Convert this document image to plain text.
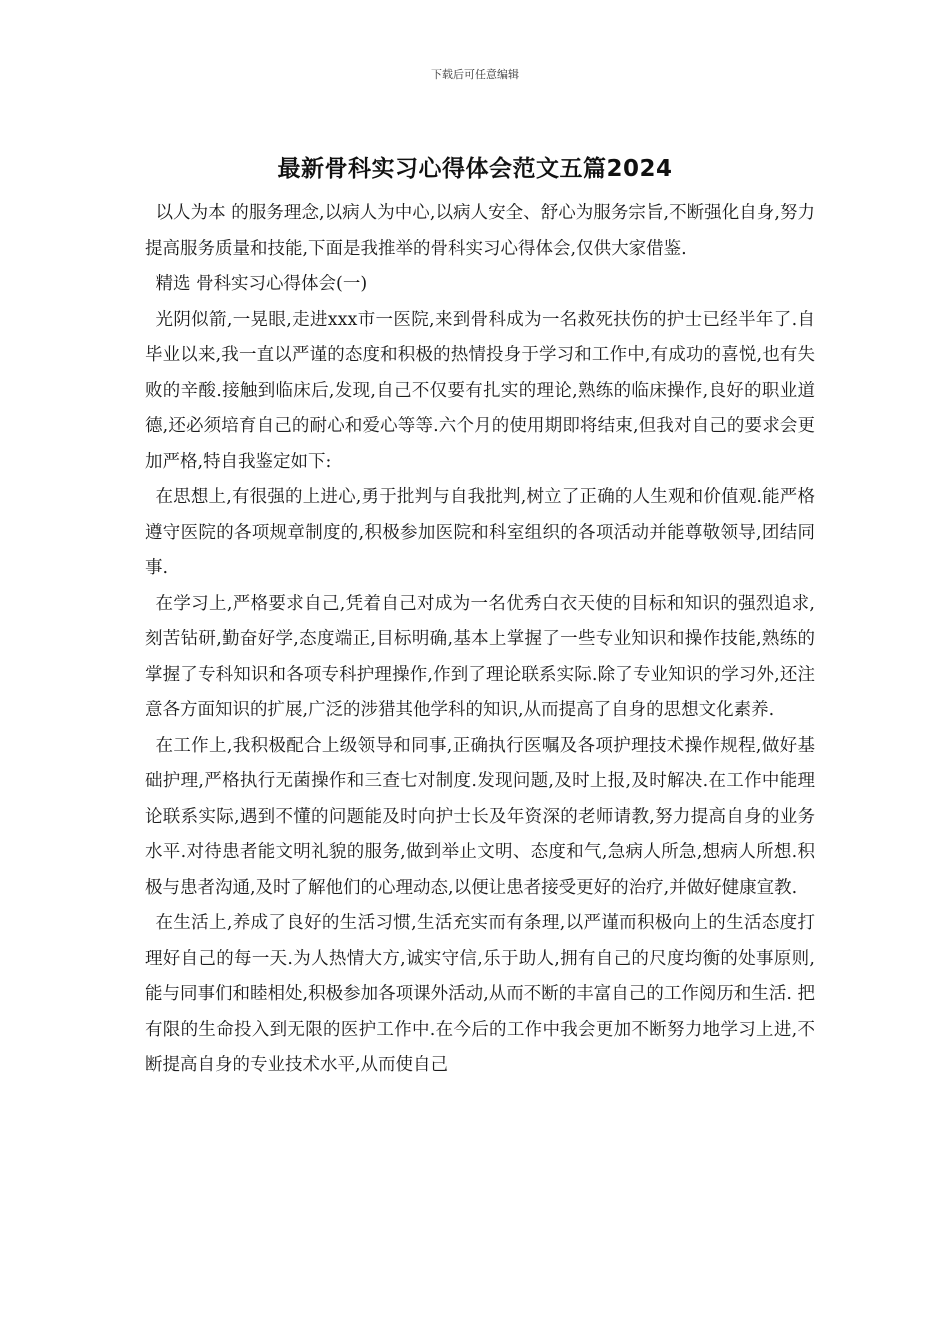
下载后可任意编辑
最新骨科实习心得体会范文五篇2024

以人为本 的服务理念,以病人为中心,以病人安全、舒心为服务宗旨,不断强化自身,努力提高服务质量和技能,下面是我推举的骨科实习心得体会,仅供大家借鉴.

精选 骨科实习心得体会(一)

光阴似箭,一晃眼,走进xxx市一医院,来到骨科成为一名救死扶伤的护士已经半年了.自毕业以来,我一直以严谨的态度和积极的热情投身于学习和工作中,有成功的喜悦,也有失败的辛酸.接触到临床后,发现,自己不仅要有扎实的理论,熟练的临床操作,良好的职业道德,还必须培育自己的耐心和爱心等等.六个月的使用期即将结束,但我对自己的要求会更加严格,特自我鉴定如下:

在思想上,有很强的上进心,勇于批判与自我批判,树立了正确的人生观和价值观.能严格遵守医院的各项规章制度的,积极参加医院和科室组织的各项活动并能尊敬领导,团结同事.

在学习上,严格要求自己,凭着自己对成为一名优秀白衣天使的目标和知识的强烈追求,刻苦钻研,勤奋好学,态度端正,目标明确,基本上掌握了一些专业知识和操作技能,熟练的掌握了专科知识和各项专科护理操作,作到了理论联系实际.除了专业知识的学习外,还注意各方面知识的扩展,广泛的涉猎其他学科的知识,从而提高了自身的思想文化素养.

在工作上,我积极配合上级领导和同事,正确执行医嘱及各项护理技术操作规程,做好基础护理,严格执行无菌操作和三查七对制度.发现问题,及时上报,及时解决.在工作中能理论联系实际,遇到不懂的问题能及时向护士长及年资深的老师请教,努力提高自身的业务水平.对待患者能文明礼貌的服务,做到举止文明、态度和气,急病人所急,想病人所想.积极与患者沟通,及时了解他们的心理动态,以便让患者接受更好的治疗,并做好健康宣教.

在生活上,养成了良好的生活习惯,生活充实而有条理,以严谨而积极向上的生活态度打理好自己的每一天.为人热情大方,诚实守信,乐于助人,拥有自己的尺度均衡的处事原则,能与同事们和睦相处,积极参加各项课外活动,从而不断的丰富自己的工作阅历和生活. 把有限的生命投入到无限的医护工作中.在今后的工作中我会更加不断努力地学习上进,不断提高自身的专业技术水平,从而使自己
